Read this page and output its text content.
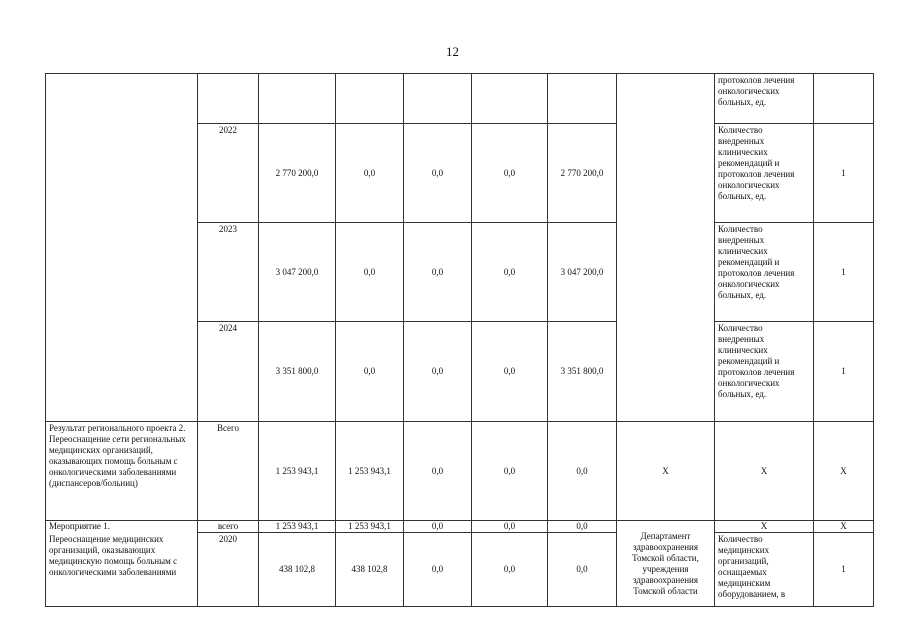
12
								протоколов лечения онкологических больных, ед.	
	2022	2 770 200,0	0,0	0,0	0,0	2 770 200,0		Количество внедренных клинических рекомендаций и протоколов лечения онкологических больных, ед.	1
	2023	3 047 200,0	0,0	0,0	0,0	3 047 200,0		Количество внедренных клинических рекомендаций и протоколов лечения онкологических больных, ед.	1
	2024	3 351 800,0	0,0	0,0	0,0	3 351 800,0		Количество внедренных клинических рекомендаций и протоколов лечения онкологических больных, ед.	1
Результат регионального проекта 2. Переоснащение сети региональных медицинских организаций, оказывающих помощь больным с онкологическими заболеваниями (диспансеров/больниц)	Всего	1 253 943,1	1 253 943,1	0,0	0,0	0,0	X	X	X
Мероприятие 1.	всего	1 253 943,1	1 253 943,1	0,0	0,0	0,0	Департамент здравоохранения Томской области, учреждения здравоохранения Томской области	X	X
Переоснащение медицинских организаций, оказывающих медицинскую помощь больным с онкологическими заболеваниями	2020	438 102,8	438 102,8	0,0	0,0	0,0		Количество медицинских организаций, оснащаемых медицинским оборудованием, в	1
